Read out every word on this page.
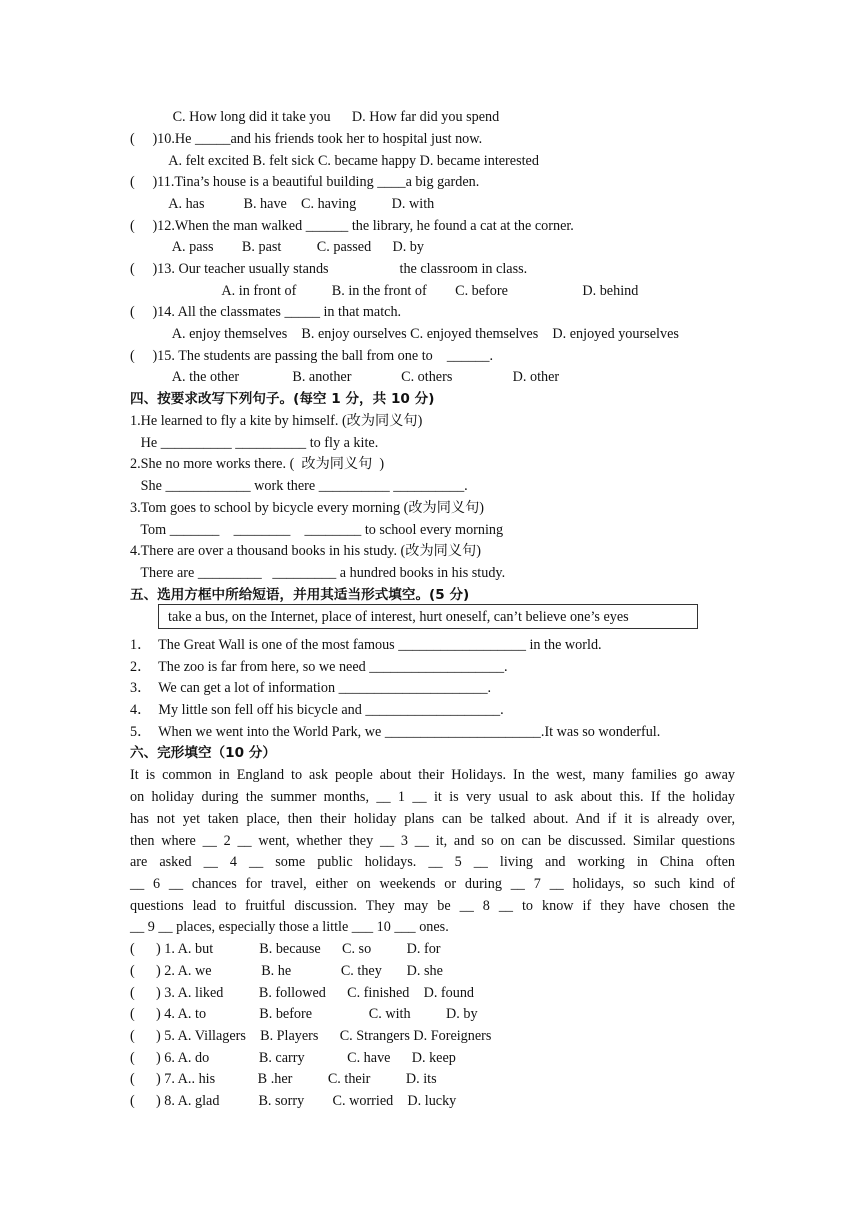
C. How long did it take you      D. How far did you spend
(     )10.He _____and his friends took her to hospital just now.
A. felt excited B. felt sick C. became happy D. became interested
(     )11.Tina’s house is a beautiful building ____a big garden.
A. has           B. have    C. having          D. with
(     )12.When the man walked ______ the library, he found a cat at the corner.
A. pass        B. past          C. passed      D. by
(     )13. Our teacher usually stands                    the classroom in class.
A. in front of          B. in the front of        C. before                     D. behind
(     )14. All the classmates _____ in that match.
A. enjoy themselves    B. enjoy ourselves C. enjoyed themselves    D. enjoyed yourselves
(     )15. The students are passing the ball from one to    ______.
A. the other               B. another              C. others                 D. other
四、按要求改写下列句子。(每空 1 分，共 10 分)
1.He learned to fly a kite by himself. (改为同义句)
He __________ __________ to fly a kite.
2.She no more works there. (  改为同义句  )
She ____________ work there __________ __________.
3.Tom goes to school by bicycle every morning (改为同义句)
Tom _______    ________    ________ to school every morning
4.There are over a thousand books in his study. (改为同义句)
There are _________   _________ a hundred books in his study.
五、选用方框中所给短语，并用其适当形式填空。(5 分)
take a bus, on the Internet, place of interest, hurt oneself, can’t believe one’s eyes
1．  The Great Wall is one of the most famous __________________ in the world.
2．  The zoo is far from here, so we need ___________________.
3．  We can get a lot of information _____________________.
4．  My little son fell off his bicycle and ___________________.
5．  When we went into the World Park, we ______________________.It was so wonderful.
六、完形填空（10 分）
It is common in England to ask people about their Holidays. In the west, many families go away
on holiday during the summer months, __ 1 __ it is very usual to ask about this. If the holiday
has not yet taken place, then their holiday plans can be talked about. And if it is already over,
then where __ 2 __ went, whether they __ 3 __ it, and so on can be discussed. Similar questions
are asked __ 4 __ some public holidays. __ 5 __ living and working in China often
__ 6 __ chances for travel, either on weekends or during __ 7 __ holidays, so such kind of
questions lead to fruitful discussion. They may be __ 8 __ to know if they have chosen the
__ 9 __ places, especially those a little ___ 10 ___ ones.
(      ) 1. A. but             B. because      C. so          D. for
(      ) 2. A. we              B. he              C. they       D. she
(      ) 3. A. liked          B. followed      C. finished    D. found
(      ) 4. A. to               B. before                C. with          D. by
(      ) 5. A. Villagers    B. Players      C. Strangers D. Foreigners
(      ) 6. A. do              B. carry            C. have      D. keep
(      ) 7. A.. his            B .her          C. their          D. its
(      ) 8. A. glad           B. sorry        C. worried    D. lucky
